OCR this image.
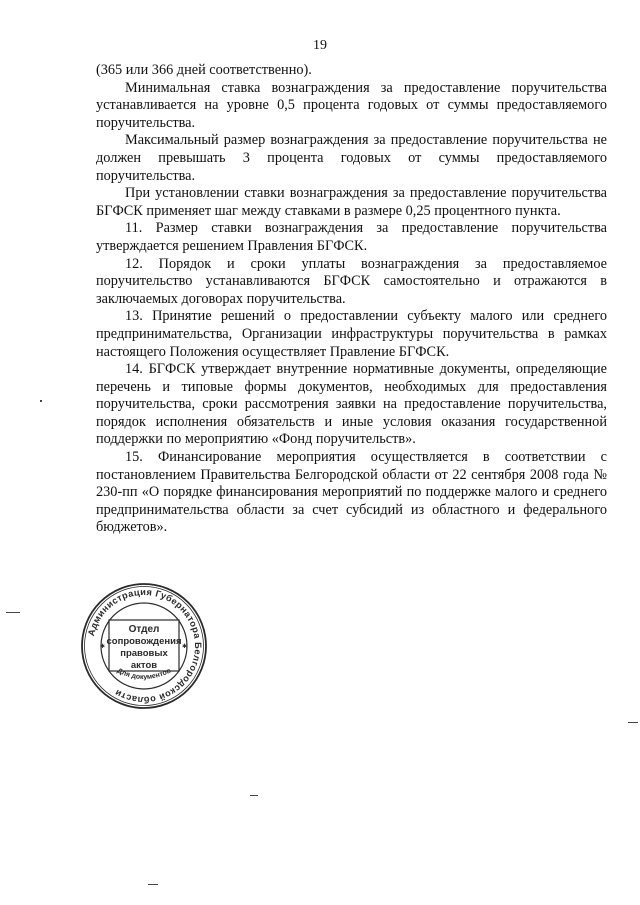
19

(365 или 366 дней соответственно).

Минимальная ставка вознаграждения за предоставление поручительства устанавливается на уровне 0,5 процента годовых от суммы предоставляемого поручительства.

Максимальный размер вознаграждения за предоставление поручительства не должен превышать 3 процента годовых от суммы предоставляемого поручительства.

При установлении ставки вознаграждения за предоставление поручительства БГФСК применяет шаг между ставками в размере 0,25 процентного пункта.

11. Размер ставки вознаграждения за предоставление поручительства утверждается решением Правления БГФСК.

12. Порядок и сроки уплаты вознаграждения за предоставляемое поручительство устанавливаются БГФСК самостоятельно и отражаются в заключаемых договорах поручительства.

13. Принятие решений о предоставлении субъекту малого или среднего предпринимательства, Организации инфраструктуры поручительства в рамках настоящего Положения осуществляет Правление БГФСК.

14. БГФСК утверждает внутренние нормативные документы, определяющие перечень и типовые формы документов, необходимых для предоставления поручительства, сроки рассмотрения заявки на предоставление поручительства, порядок исполнения обязательств и иные условия оказания государственной поддержки по мероприятию «Фонд поручительств».

15. Финансирование мероприятия осуществляется в соответствии с постановлением Правительства Белгородской области от 22 сентября 2008 года № 230-пп «О порядке финансирования мероприятий по поддержке малого и среднего предпринимательства области за счет субсидий из областного и федерального бюджетов».

Администрация Губернатора Белгородской области
Отдел
сопровождения
правовых
актов
Для документов
✱	✱
